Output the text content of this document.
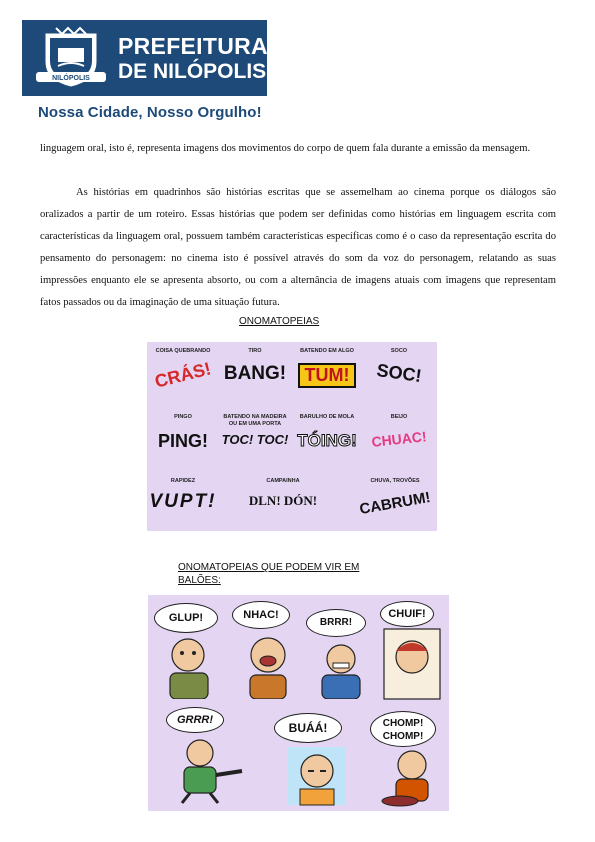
NILÓPOLIS
PREFEITURA
DE NILÓPOLIS
Nossa Cidade, Nosso Orgulho!
linguagem oral, isto é, representa imagens dos movimentos do corpo de quem fala durante a emissão da mensagem.
As histórias em quadrinhos são histórias escritas que se assemelham ao cinema porque os diálogos são oralizados a partir de um roteiro. Essas histórias que podem ser definidas como histórias em linguagem escrita com características da linguagem oral, possuem também características específicas como é o caso da representação escrita do pensamento do personagem: no cinema isto é possível através do som da voz do personagem, relatando as suas impressões enquanto ele se apresenta absorto, ou com a alternância de imagens atuais com imagens que representam fatos passados ou da imaginação de uma situação futura.
ONOMATOPEIAS
COISA QUEBRANDO
CRÁS!
TIRO
BANG!
BATENDO EM ALGO
TUM!
SOCO
SOC!
PINGO
PING!
BATENDO NA MADEIRA OU EM UMA PORTA
TOC! TOC!
BARULHO DE MOLA
TÓING!
BEIJO
CHUAC!
RAPIDEZ
VUPT!
CAMPAINHA
DLN! DÓN!
CHUVA, TROVÕES
CABRUM!
ONOMATOPEIAS QUE PODEM VIR EM
BALÕES:
GLUP!	NHAC!
BRRR!
CHUIF!
GRRR!
BUÁÁ!	CHOMP! CHOMP!
